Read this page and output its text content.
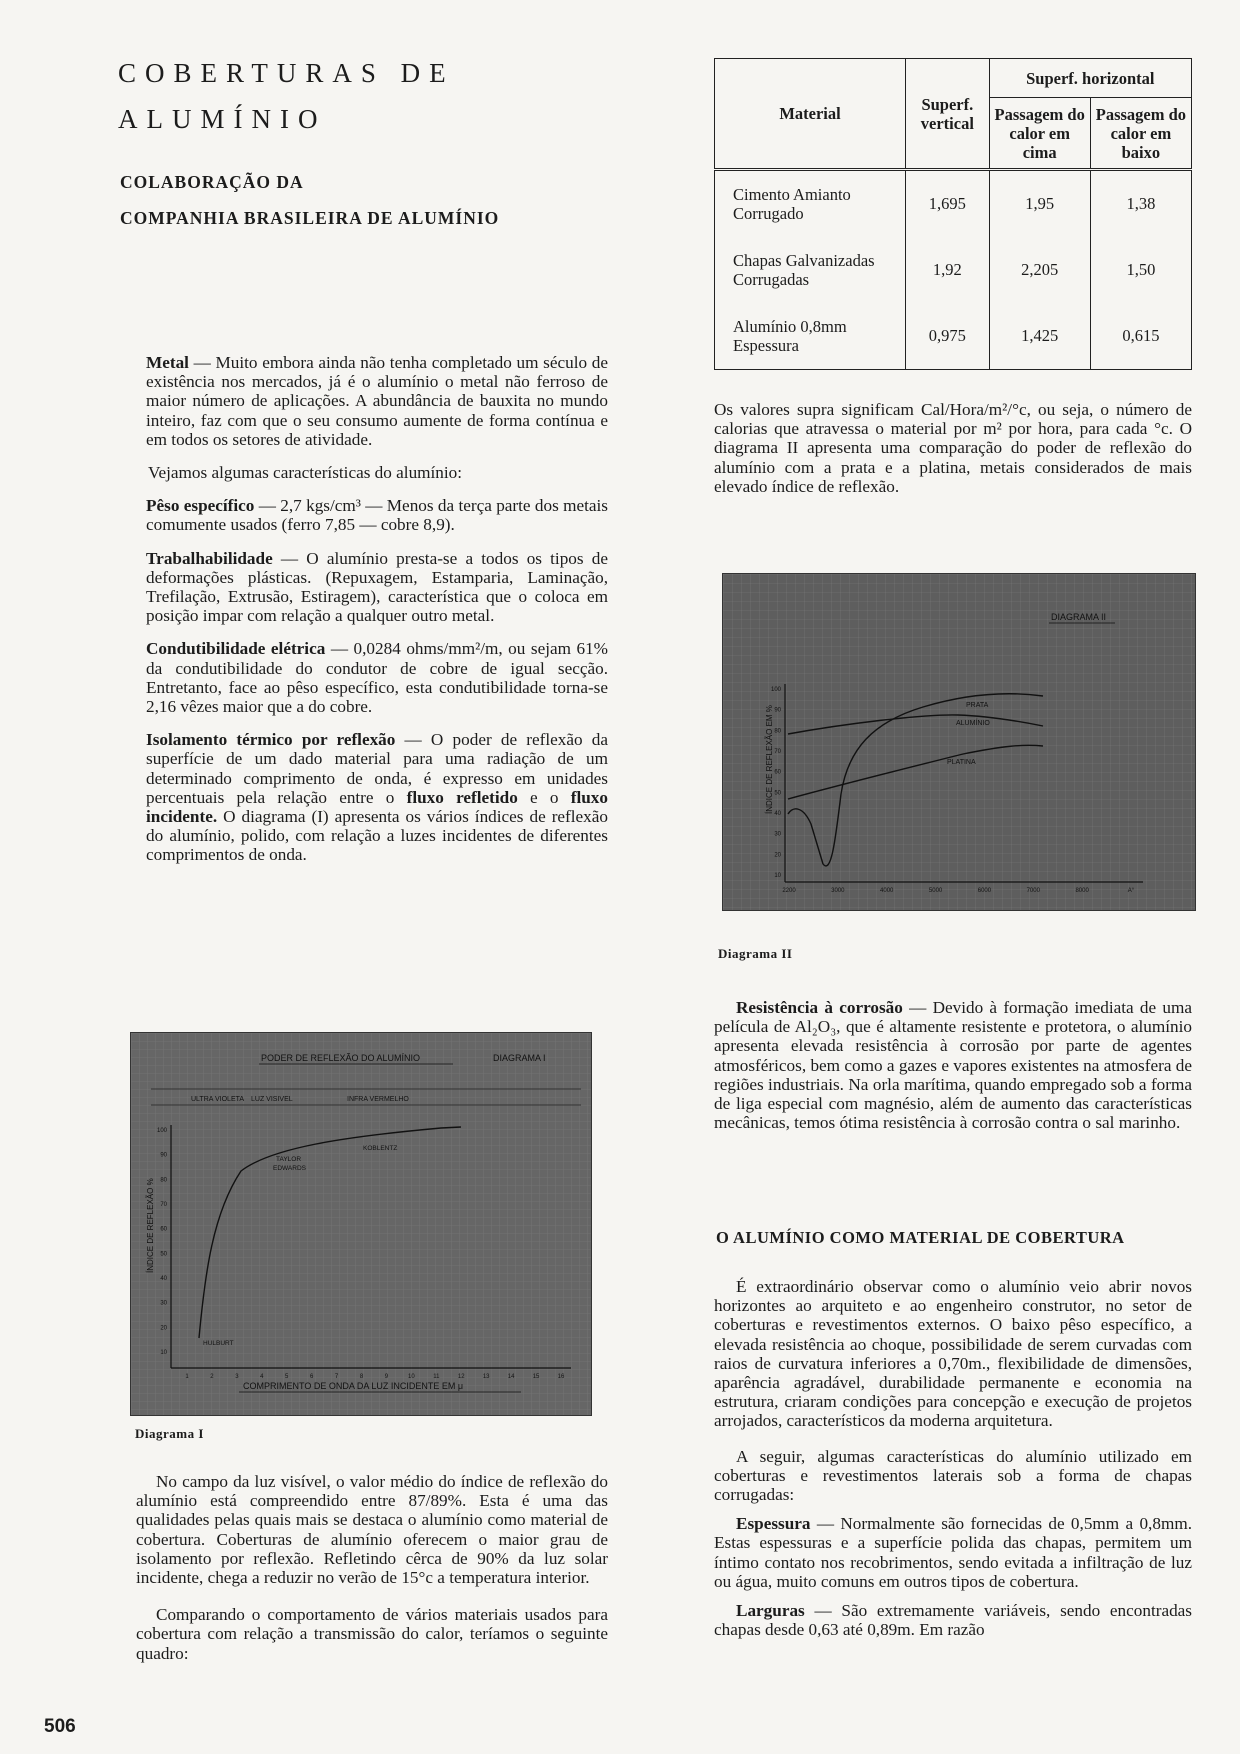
COBERTURAS DE
ALUMÍNIO
COLABORAÇÃO DA
COMPANHIA BRASILEIRA DE ALUMÍNIO

Metal — Muito embora ainda não tenha completado um século de existência nos mercados, já é o alumínio o metal não ferroso de maior número de aplicações. A abundância de bauxita no mundo inteiro, faz com que o seu consumo aumente de forma contínua e em todos os setores de atividade.

Vejamos algumas características do alumínio:

Pêso específico — 2,7 kgs/cm³ — Menos da terça parte dos metais comumente usados (ferro 7,85 — cobre 8,9).

Trabalhabilidade — O alumínio presta-se a todos os tipos de deformações plásticas. (Repuxagem, Estamparia, Laminação, Trefilação, Extrusão, Estiragem), característica que o coloca em posição impar com relação a qualquer outro metal.

Condutibilidade elétrica — 0,0284 ohms/mm²/m, ou sejam 61% da condutibilidade do condutor de cobre de igual secção. Entretanto, face ao pêso específico, esta condutibilidade torna-se 2,16 vêzes maior que a do cobre.

Isolamento térmico por reflexão — O poder de reflexão da superfície de um dado material para uma radiação de um determinado comprimento de onda, é expresso em unidades percentuais pela relação entre o fluxo refletido e o fluxo incidente. O diagrama (I) apresenta os vários índices de reflexão do alumínio, polido, com relação a luzes incidentes de diferentes comprimentos de onda.

PODER DE REFLEXÃO DO ALUMÍNIO	DIAGRAMA I
ULTRA VIOLETA LUZ VISIVEL	INFRA VERMELHO
10
20
30
40
50
60
70
80
90
100
1	2	3	4	5	6	7	8	9	10	11	12	13	14	15	16
ÍNDICE DE REFLEXÃO %
HULBURT
TAYLOR
EDWARDS
KOBLENTZ
COMPRIMENTO DE ONDA DA LUZ INCIDENTE EM μ
Diagrama I

No campo da luz visível, o valor médio do índice de reflexão do alumínio está compreendido entre 87/89%. Esta é uma das qualidades pelas quais mais se destaca o alumínio como material de cobertura. Coberturas de alumínio oferecem o maior grau de isolamento por reflexão. Refletindo cêrca de 90% da luz solar incidente, chega a reduzir no verão de 15°c a temperatura interior.

Comparando o comportamento de vários materiais usados para cobertura com relação a transmissão do calor, teríamos o seguinte quadro:

Material	Superf. vertical	Superf. horizontal	
		Passagem do calor em cima	Passagem do calor em baixo
Cimento Amianto Corrugado	1,695	1,95	1,38
Chapas Galvanizadas Corrugadas	1,92	2,205	1,50
Alumínio 0,8mm Espessura	0,975	1,425	0,615

Os valores supra significam Cal/Hora/m²/°c, ou seja, o número de calorias que atravessa o material por m² por hora, para cada °c. O diagrama II apresenta uma comparação do poder de reflexão do alumínio com a prata e a platina, metais considerados de mais elevado índice de reflexão.

DIAGRAMA II
10
20
30
40
50
60
70
80
90
100
2200	3000	4000	5000	6000	7000	8000	A°
ÍNDICE DE REFLEXÃO EM %	PRATA
ALUMÍNIO
PLATINA
Diagrama II

Resistência à corrosão — Devido à formação imediata de uma película de Al₂O₃, que é altamente resistente e protetora, o alumínio apresenta elevada resistência à corrosão por parte de agentes atmosféricos, bem como a gazes e vapores existentes na atmosfera de regiões industriais. Na orla marítima, quando empregado sob a forma de liga especial com magnésio, além de aumento das características mecânicas, temos ótima resistência à corrosão contra o sal marinho.

O ALUMÍNIO COMO MATERIAL DE COBERTURA

É extraordinário observar como o alumínio veio abrir novos horizontes ao arquiteto e ao engenheiro construtor, no setor de coberturas e revestimentos externos. O baixo pêso específico, a elevada resistência ao choque, possibilidade de serem curvadas com raios de curvatura inferiores a 0,70m., flexibilidade de dimensões, aparência agradável, durabilidade permanente e economia na estrutura, criaram condições para concepção e execução de projetos arrojados, característicos da moderna arquitetura.

A seguir, algumas características do alumínio utilizado em coberturas e revestimentos laterais sob a forma de chapas corrugadas:

Espessura — Normalmente são fornecidas de 0,5mm a 0,8mm. Estas espessuras e a superfície polida das chapas, permitem um íntimo contato nos recobrimentos, sendo evitada a infiltração de luz ou água, muito comuns em outros tipos de cobertura.

Larguras — São extremamente variáveis, sendo encontradas chapas desde 0,63 até 0,89m. Em razão

506
